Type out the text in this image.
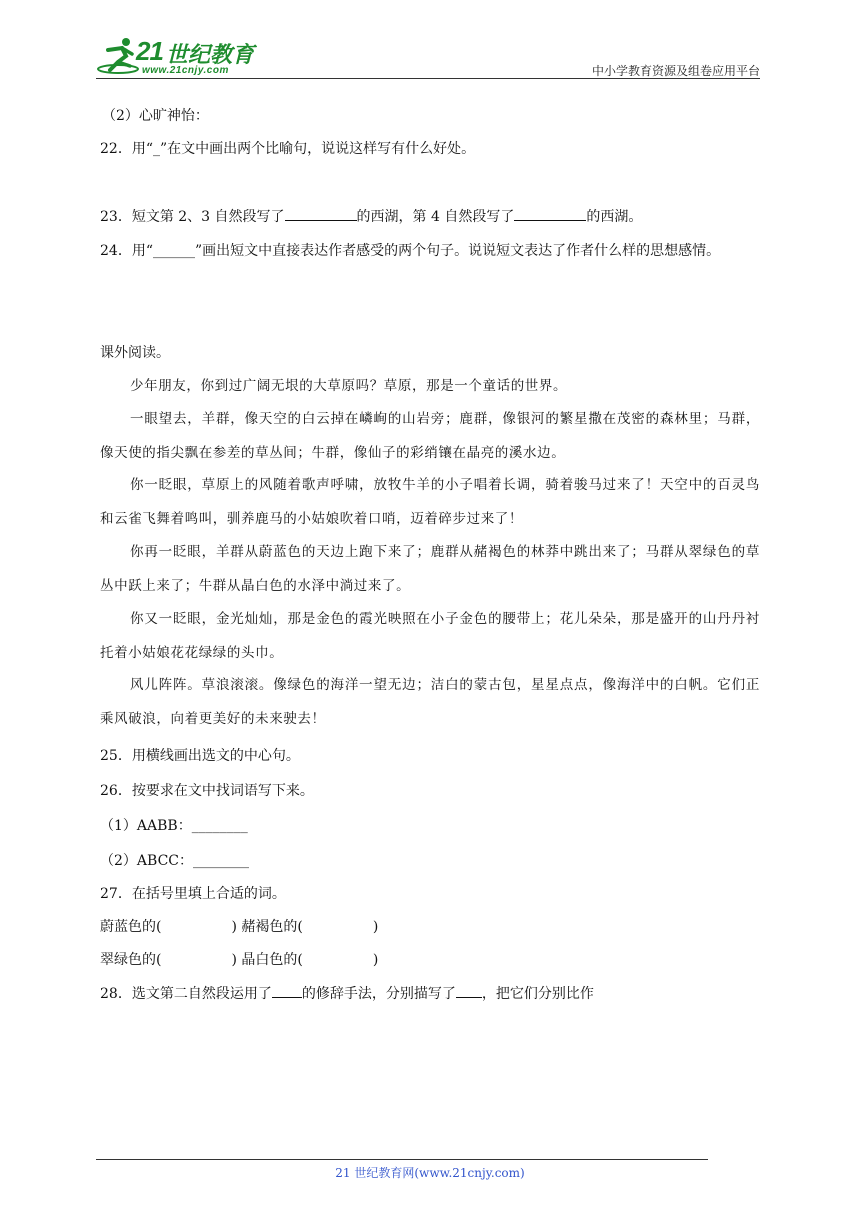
21 世纪教育
www.21cnjy.com	中小学教育资源及组卷应用平台
（2）心旷神怡：
22．用“_”在文中画出两个比喻句，说说这样写有什么好处。
23．短文第 2、3 自然段写了	的西湖，第 4 自然段写了	的西湖。
24．用“______”画出短文中直接表达作者感受的两个句子。说说短文表达了作者什么样的思想感情。
课外阅读。
少年朋友，你到过广阔无垠的大草原吗？草原，那是一个童话的世界。
一眼望去，羊群，像天空的白云掉在嶙峋的山岩旁；鹿群，像银河的繁星撒在茂密的森林里；马群，像天使的指尖飘在参差的草丛间；牛群，像仙子的彩绡镶在晶亮的溪水边。
你一眨眼，草原上的风随着歌声呼啸，放牧牛羊的小子唱着长调，骑着骏马过来了！天空中的百灵鸟和云雀飞舞着鸣叫，驯养鹿马的小姑娘吹着口哨，迈着碎步过来了！
你再一眨眼，羊群从蔚蓝色的天边上跑下来了；鹿群从赭褐色的林莽中跳出来了；马群从翠绿色的草丛中跃上来了；牛群从晶白色的水泽中淌过来了。
你又一眨眼，金光灿灿，那是金色的霞光映照在小子金色的腰带上；花儿朵朵，那是盛开的山丹丹衬托着小姑娘花花绿绿的头巾。
风儿阵阵。草浪滚滚。像绿色的海洋一望无边；洁白的蒙古包，星星点点，像海洋中的白帆。它们正乘风破浪，向着更美好的未来驶去！
25．用横线画出选文的中心句。
26．按要求在文中找词语写下来。
（1）AABB：________
（2）ABCC：________
27．在括号里填上合适的词。
蔚蓝色的(	) 赭褐色的(	)
翠绿色的(	) 晶白色的(	)
28．选文第二自然段运用了 的修辞手法，分别描写了 ，把它们分别比作
21 世纪教育网(www.21cnjy.com)
